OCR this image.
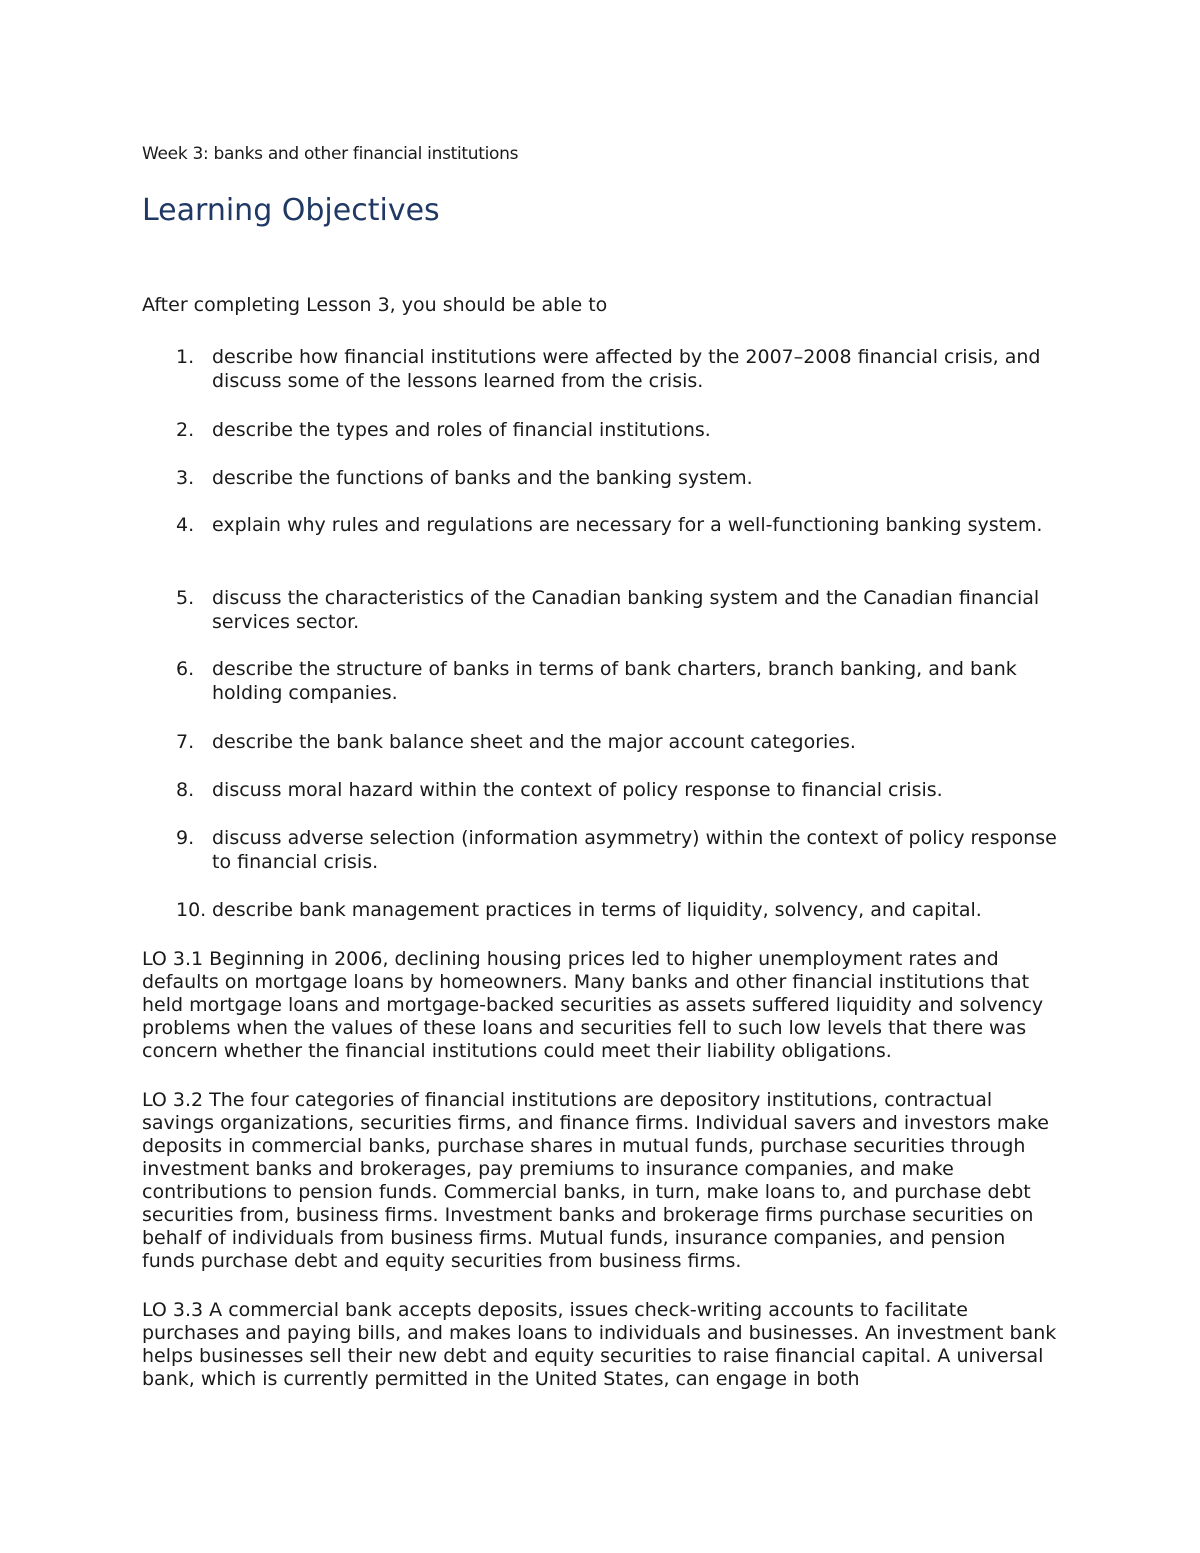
Week 3: banks and other financial institutions
Learning Objectives
After completing Lesson 3, you should be able to
1. describe how financial institutions were affected by the 2007–2008 financial crisis, and discuss some of the lessons learned from the crisis.
2. describe the types and roles of financial institutions.
3. describe the functions of banks and the banking system.
4. explain why rules and regulations are necessary for a well-functioning banking system.
5. discuss the characteristics of the Canadian banking system and the Canadian financial services sector.
6. describe the structure of banks in terms of bank charters, branch banking, and bank holding companies.
7. describe the bank balance sheet and the major account categories.
8. discuss moral hazard within the context of policy response to financial crisis.
9. discuss adverse selection (information asymmetry) within the context of policy response to financial crisis.
10. describe bank management practices in terms of liquidity, solvency, and capital.

LO 3.1 Beginning in 2006, declining housing prices led to higher unemployment rates and defaults on mortgage loans by homeowners. Many banks and other financial institutions that held mortgage loans and mortgage-backed securities as assets suffered liquidity and solvency problems when the values of these loans and securities fell to such low levels that there was concern whether the financial institutions could meet their liability obligations.

LO 3.2 The four categories of financial institutions are depository institutions, contractual savings organizations, securities firms, and finance firms. Individual savers and investors make deposits in commercial banks, purchase shares in mutual funds, purchase securities through investment banks and brokerages, pay premiums to insurance companies, and make contributions to pension funds. Commercial banks, in turn, make loans to, and purchase debt securities from, business firms. Investment banks and brokerage firms purchase securities on behalf of individuals from business firms. Mutual funds, insurance companies, and pension funds purchase debt and equity securities from business firms.

LO 3.3 A commercial bank accepts deposits, issues check-writing accounts to facilitate purchases and paying bills, and makes loans to individuals and businesses. An investment bank helps businesses sell their new debt and equity securities to raise financial capital. A universal bank, which is currently permitted in the United States, can engage in both
